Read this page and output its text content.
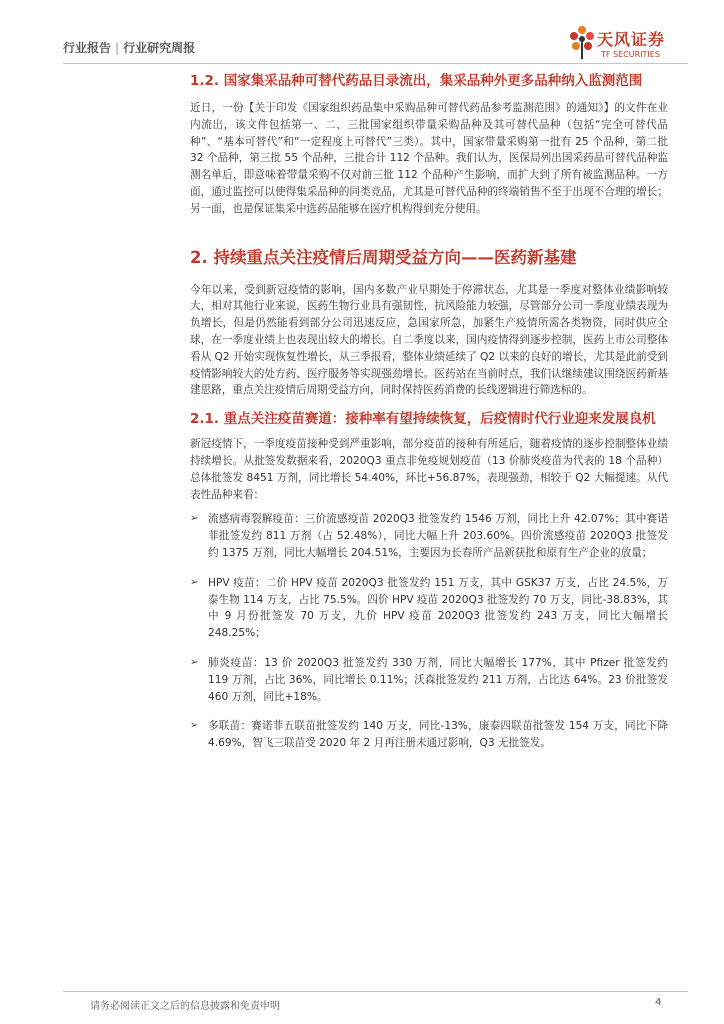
行业报告 | 行业研究周报	天风证券
TF SECURITIES
1.2. 国家集采品种可替代药品目录流出，集采品种外更多品种纳入监测范围

近日，一份【关于印发《国家组织药品集中采购品种可替代药品参考监测范围》的通知》】的文件在业内流出，该文件包括第一、二、三批国家组织带量采购品种及其可替代品种（包括“完全可替代品种”、“基本可替代”和“一定程度上可替代”三类）。其中，国家带量采购第一批有 25 个品种，第二批 32 个品种，第三批 55 个品种，三批合计 112 个品种。我们认为，医保局列出国采药品可替代品种监测名单后，即意味着带量采购不仅对前三批 112 个品种产生影响，而扩大到了所有被监测品种。一方面，通过监控可以使得集采品种的同类竞品，尤其是可替代品种的终端销售不至于出现不合理的增长；另一面，也是保证集采中选药品能够在医疗机构得到充分使用。

2. 持续重点关注疫情后周期受益方向——医药新基建

今年以来，受到新冠疫情的影响，国内多数产业早期处于停滞状态，尤其是一季度对整体业绩影响较大，相对其他行业来说，医药生物行业具有强韧性，抗风险能力较强，尽管部分公司一季度业绩表现为负增长，但是仍然能看到部分公司迅速反应，急国家所急，加紧生产疫情所需各类物资，同时供应全球，在一季度业绩上也表现出较大的增长。自二季度以来，国内疫情得到逐步控制，医药上市公司整体看从 Q2 开始实现恢复性增长，从三季报看，整体业绩延续了 Q2 以来的良好的增长，尤其是此前受到疫情影响较大的处方药、医疗服务等实现强劲增长。医药站在当前时点，我们认继续建议围绕医药新基建思路，重点关注疫情后周期受益方向，同时保持医药消费的长线逻辑进行筛选标的。

2.1. 重点关注疫苗赛道：接种率有望持续恢复，后疫情时代行业迎来发展良机

新冠疫情下，一季度疫苗接种受到严重影响，部分疫苗的接种有所延后，随着疫情的逐步控制整体业绩持续增长。从批签发数据来看，2020Q3 重点非免疫规划疫苗（13 价肺炎疫苗为代表的 18 个品种）总体批签发 8451 万剂，同比增长 54.40%，环比+56.87%，表现强劲，相较于 Q2 大幅提速。从代表性品种来看：

➢ 流感病毒裂解疫苗：三价流感疫苗 2020Q3 批签发约 1546 万剂，同比上升 42.07%；其中赛诺菲批签发约 811 万剂（占 52.48%），同比大幅上升 203.60%。四价流感疫苗 2020Q3 批签发约 1375 万剂，同比大幅增长 204.51%，主要因为长春所产品新获批和原有生产企业的放量；
➢ HPV 疫苗：二价 HPV 疫苗 2020Q3 批签发约 151 万支，其中 GSK37 万支，占比 24.5%，万泰生物 114 万支，占比 75.5%。四价 HPV 疫苗 2020Q3 批签发约 70 万支，同比-38.83%，其中 9 月份批签发 70 万支，九价 HPV 疫苗 2020Q3 批签发约 243 万支，同比大幅增长 248.25%；
➢ 肺炎疫苗：13 价 2020Q3 批签发约 330 万剂，同比大幅增长 177%，其中 Pfizer 批签发约 119 万剂，占比 36%，同比增长 0.11%；沃森批签发约 211 万剂，占比达 64%。23 价批签发 460 万剂，同比+18%。
➢ 多联苗：赛诺菲五联苗批签发约 140 万支，同比-13%，康泰四联苗批签发 154 万支，同比下降 4.69%，智飞三联苗受 2020 年 2 月再注册未通过影响，Q3 无批签发。
请务必阅读正文之后的信息披露和免责申明	4
